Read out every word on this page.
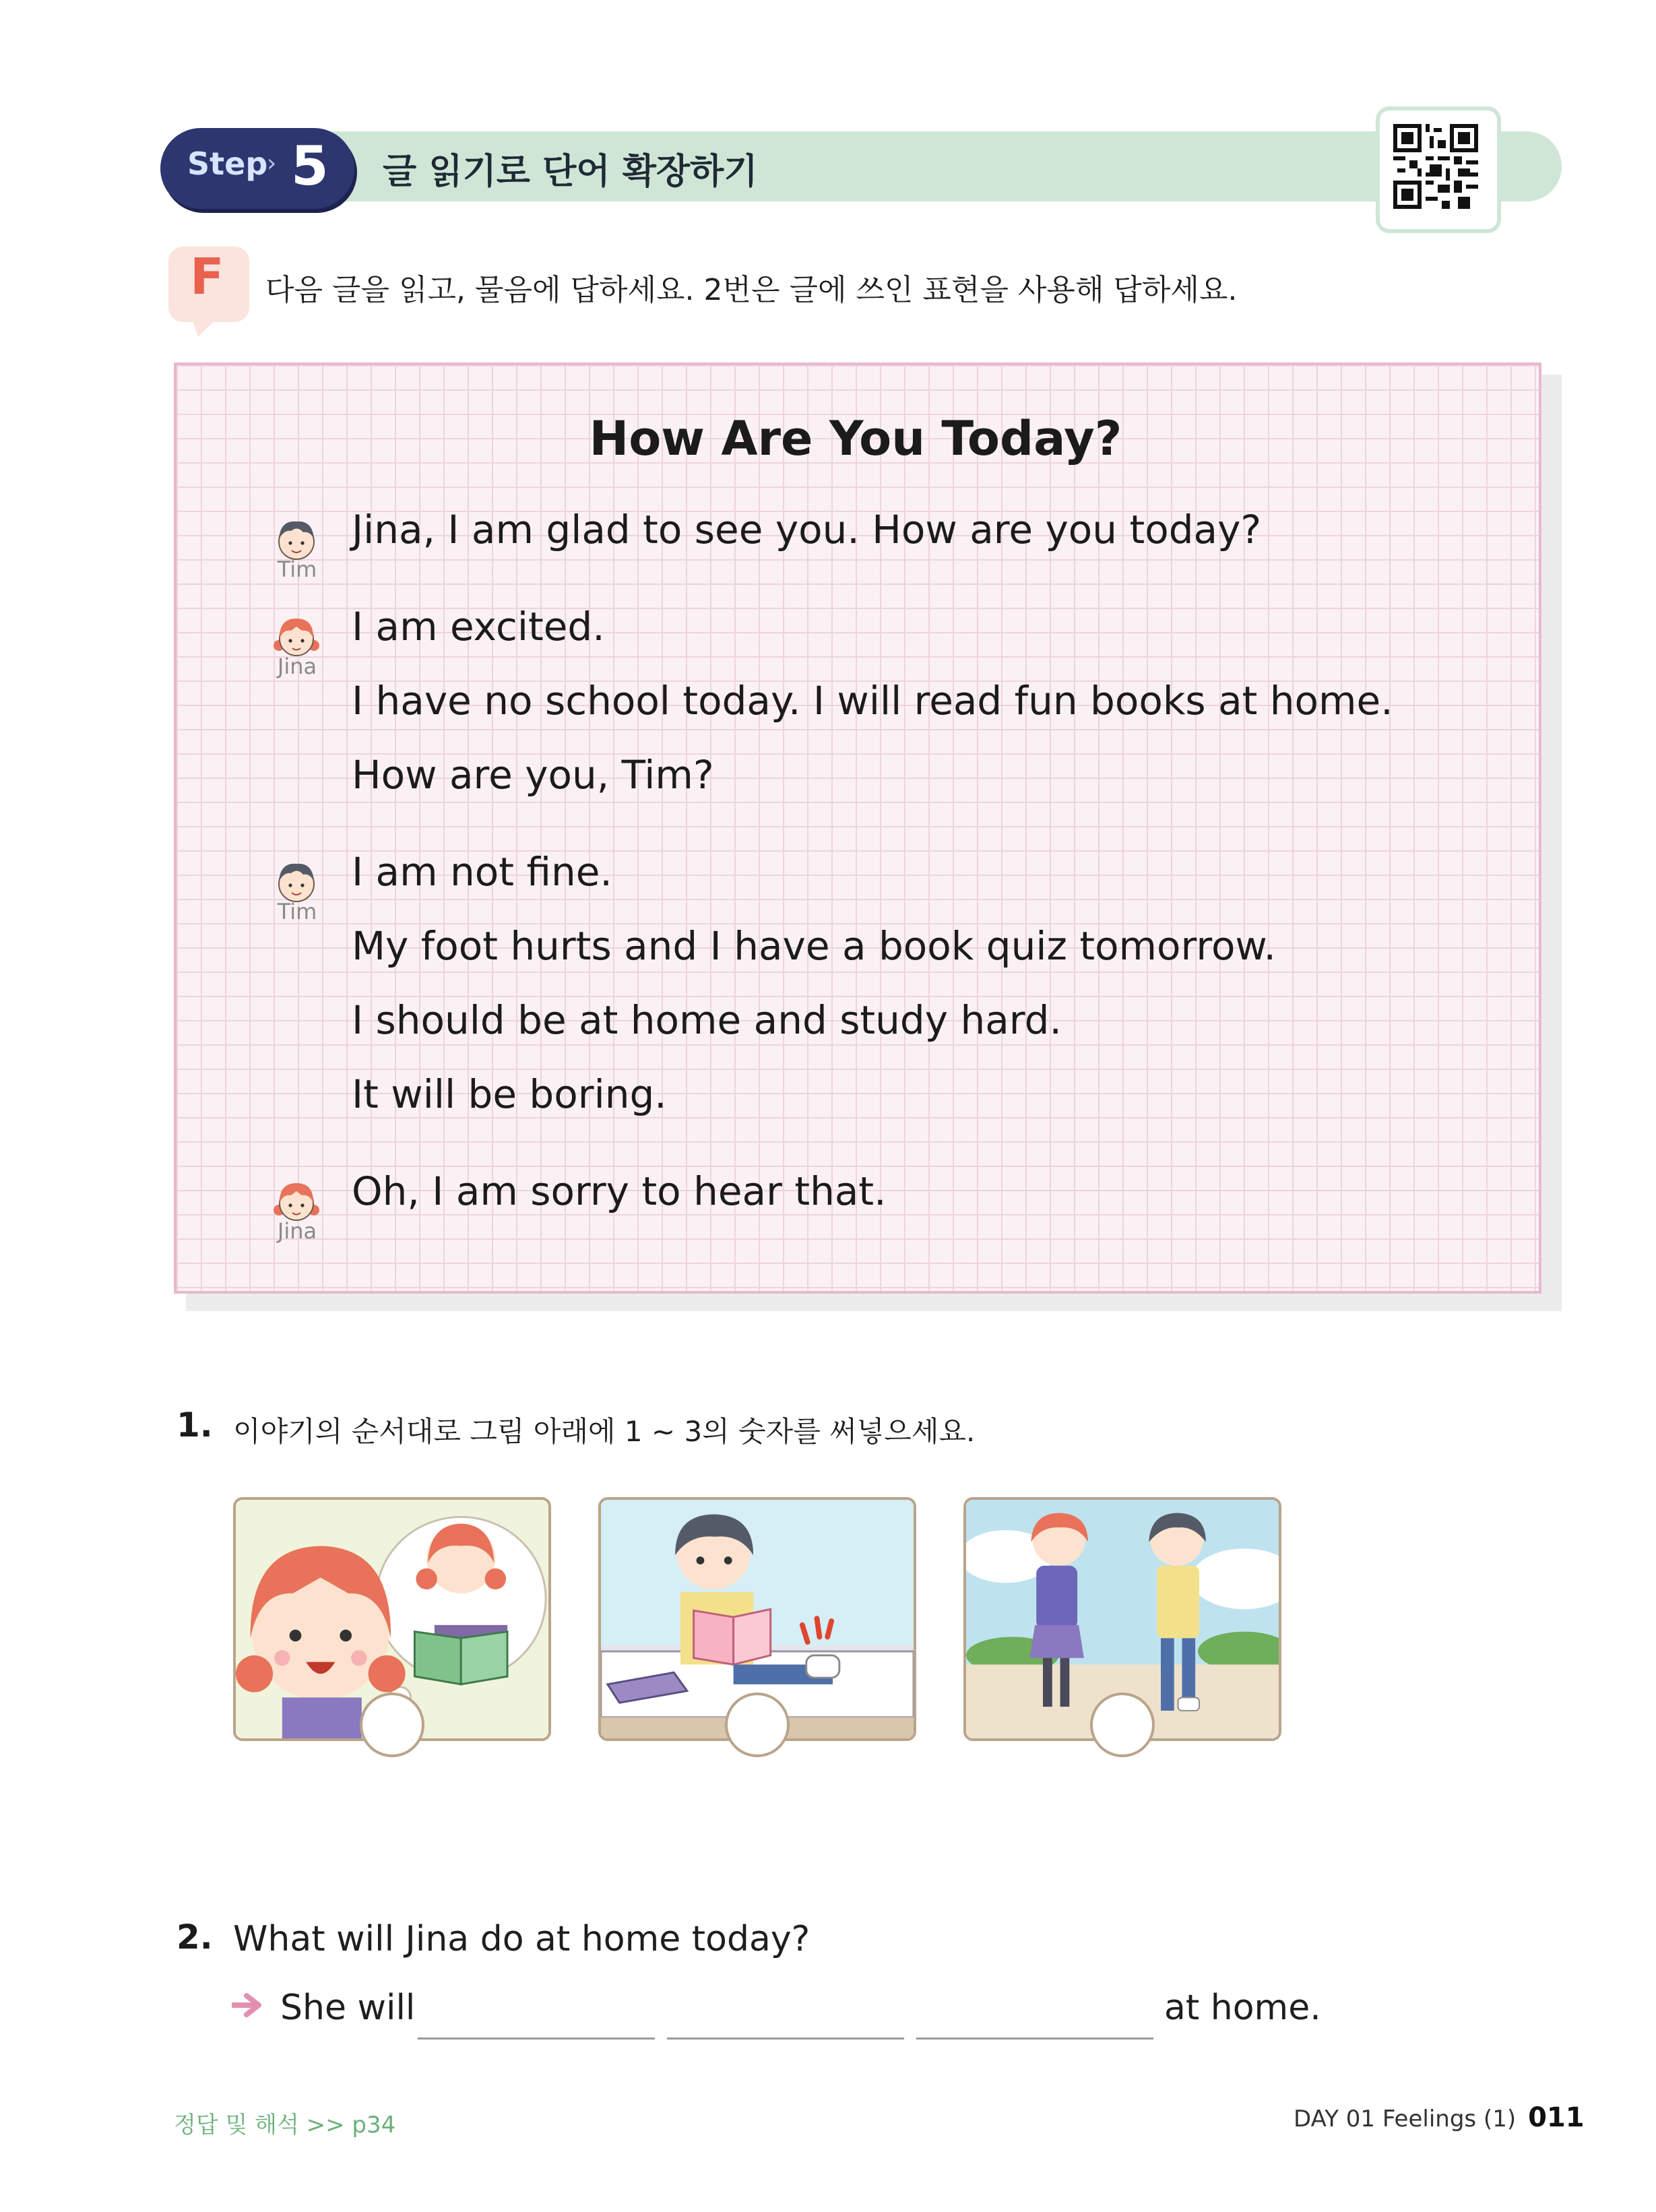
Step
› 5 글 읽기로 단어 확장하기
F 다음 글을 읽고, 물음에 답하세요. 2번은 글에 쓰인 표현을 사용해 답하세요.
How Are You Today?
Tim
Jina, I am glad to see you. How are you today?
Jina
I am excited.
I have no school today. I will read fun books at home.
How are you, Tim?
Tim
I am not fine.
My foot hurts and I have a book quiz tomorrow.
I should be at home and study hard.
It will be boring.
Jina
Oh, I am sorry to hear that.
1. 이야기의 순서대로 그림 아래에 1 ~ 3의 숫자를 써넣으세요.
2. What will Jina do at home today?
She will	at home.
정답 및 해석 >> p34	DAY 01 Feelings (1) 011
